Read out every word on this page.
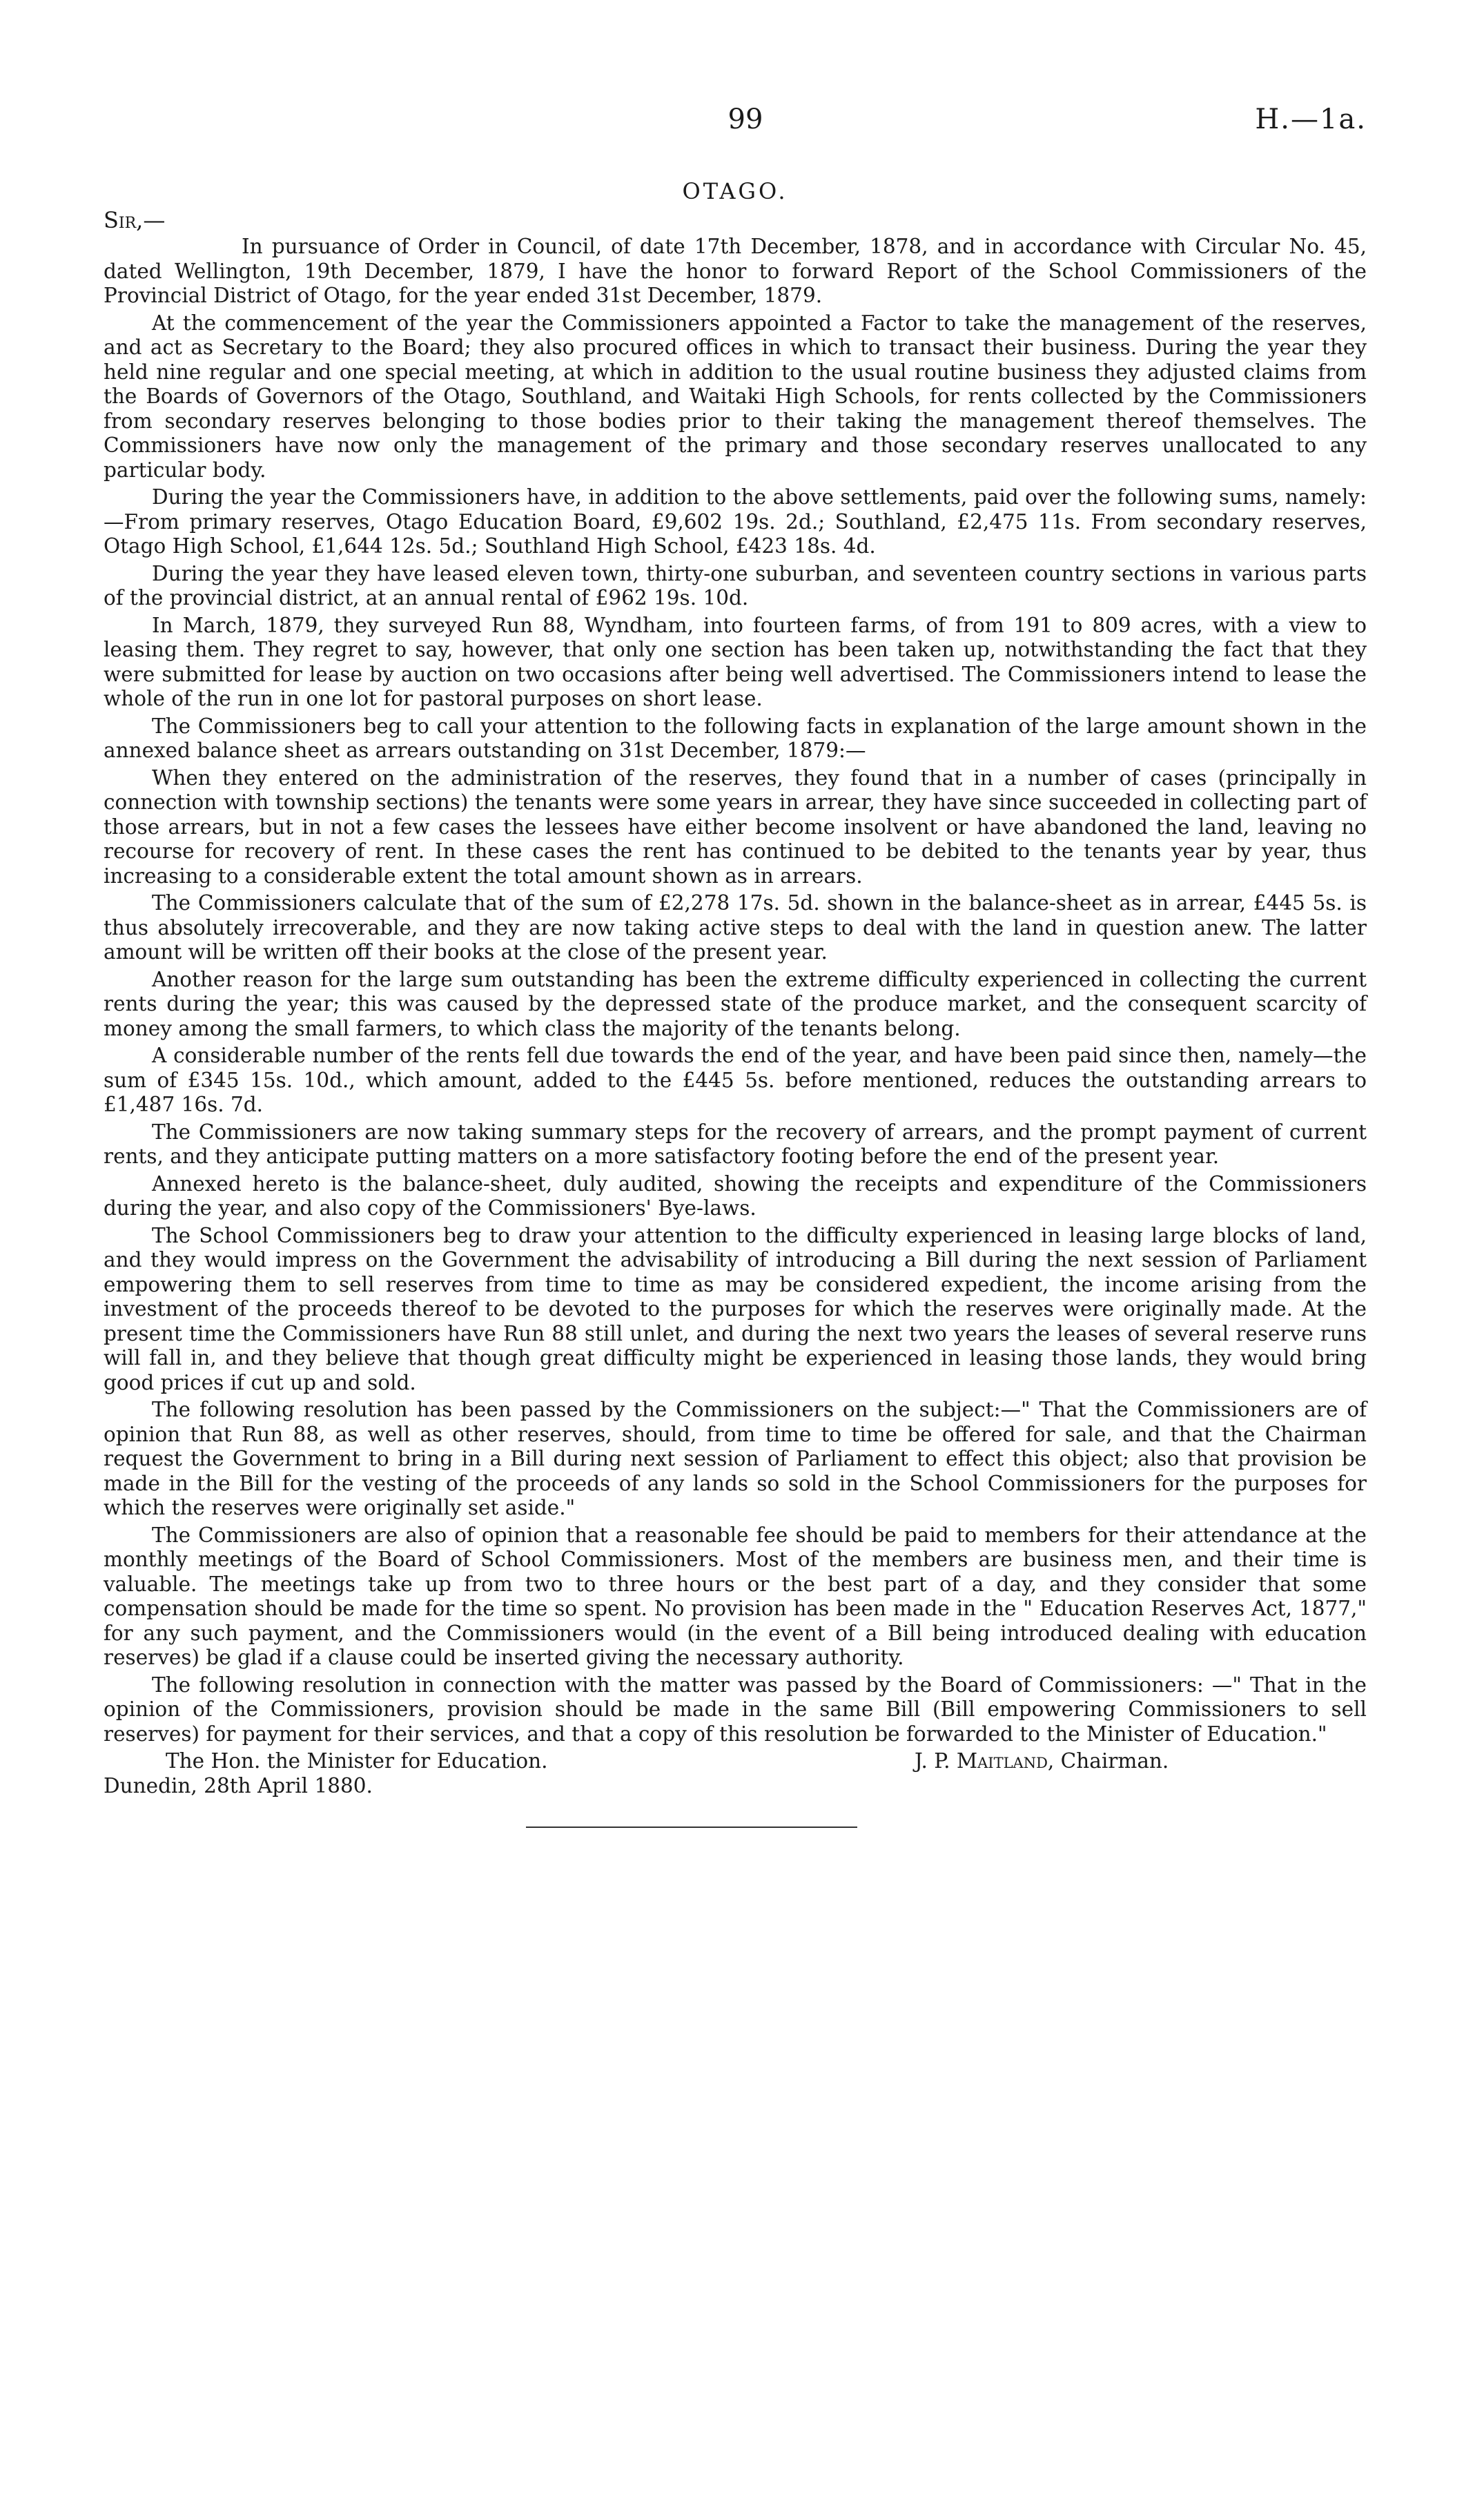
99	H.—1a.
OTAGO.
Sir,—

In pursuance of Order in Council, of date 17th December, 1878, and in accordance with Circular No. 45, dated Wellington, 19th December, 1879, I have the honor to forward Report of the School Commissioners of the Provincial District of Otago, for the year ended 31st December, 1879.

At the commencement of the year the Commissioners appointed a Factor to take the management of the reserves, and act as Secretary to the Board; they also procured offices in which to transact their business. During the year they held nine regular and one special meeting, at which in addition to the usual routine business they adjusted claims from the Boards of Governors of the Otago, Southland, and Waitaki High Schools, for rents collected by the Commissioners from secondary reserves belonging to those bodies prior to their taking the management thereof themselves. The Commissioners have now only the management of the primary and those secondary reserves unallocated to any particular body.

During the year the Commissioners have, in addition to the above settlements, paid over the following sums, namely:—From primary reserves, Otago Education Board, £9,602 19s. 2d.; Southland, £2,475 11s. From secondary reserves, Otago High School, £1,644 12s. 5d.; Southland High School, £423 18s. 4d.

During the year they have leased eleven town, thirty-one suburban, and seventeen country sections in various parts of the provincial district, at an annual rental of £962 19s. 10d.

In March, 1879, they surveyed Run 88, Wyndham, into fourteen farms, of from 191 to 809 acres, with a view to leasing them. They regret to say, however, that only one section has been taken up, notwithstanding the fact that they were submitted for lease by auction on two occasions after being well advertised. The Commissioners intend to lease the whole of the run in one lot for pastoral purposes on short lease.

The Commissioners beg to call your attention to the following facts in explanation of the large amount shown in the annexed balance sheet as arrears outstanding on 31st December, 1879:—

When they entered on the administration of the reserves, they found that in a number of cases (principally in connection with township sections) the tenants were some years in arrear, they have since succeeded in collecting part of those arrears, but in not a few cases the lessees have either become insolvent or have abandoned the land, leaving no recourse for recovery of rent. In these cases the rent has continued to be debited to the tenants year by year, thus increasing to a considerable extent the total amount shown as in arrears.

The Commissioners calculate that of the sum of £2,278 17s. 5d. shown in the balance-sheet as in arrear, £445 5s. is thus absolutely irrecoverable, and they are now taking active steps to deal with the land in question anew. The latter amount will be written off their books at the close of the present year.

Another reason for the large sum outstanding has been the extreme difficulty experienced in collecting the current rents during the year; this was caused by the depressed state of the produce market, and the consequent scarcity of money among the small farmers, to which class the majority of the tenants belong.

A considerable number of the rents fell due towards the end of the year, and have been paid since then, namely—the sum of £345 15s. 10d., which amount, added to the £445 5s. before mentioned, reduces the outstanding arrears to £1,487 16s. 7d.

The Commissioners are now taking summary steps for the recovery of arrears, and the prompt payment of current rents, and they anticipate putting matters on a more satisfactory footing before the end of the present year.

Annexed hereto is the balance-sheet, duly audited, showing the receipts and expenditure of the Commissioners during the year, and also copy of the Commissioners' Bye-laws.

The School Commissioners beg to draw your attention to the difficulty experienced in leasing large blocks of land, and they would impress on the Government the advisability of introducing a Bill during the next session of Parliament empowering them to sell reserves from time to time as may be considered expedient, the income arising from the investment of the proceeds thereof to be devoted to the purposes for which the reserves were originally made. At the present time the Commissioners have Run 88 still unlet, and during the next two years the leases of several reserve runs will fall in, and they believe that though great difficulty might be experienced in leasing those lands, they would bring good prices if cut up and sold.

The following resolution has been passed by the Commissioners on the subject:—" That the Commissioners are of opinion that Run 88, as well as other reserves, should, from time to time be offered for sale, and that the Chairman request the Government to bring in a Bill during next session of Parliament to effect this object; also that provision be made in the Bill for the vesting of the proceeds of any lands so sold in the School Commissioners for the purposes for which the reserves were originally set aside."

The Commissioners are also of opinion that a reasonable fee should be paid to members for their attendance at the monthly meetings of the Board of School Commissioners. Most of the members are business men, and their time is valuable. The meetings take up from two to three hours or the best part of a day, and they consider that some compensation should be made for the time so spent. No provision has been made in the " Education Reserves Act, 1877," for any such payment, and the Commissioners would (in the event of a Bill being introduced dealing with education reserves) be glad if a clause could be inserted giving the necessary authority.

The following resolution in connection with the matter was passed by the Board of Commissioners: —" That in the opinion of the Commissioners, provision should be made in the same Bill (Bill empowering Commissioners to sell reserves) for payment for their services, and that a copy of this resolution be forwarded to the Minister of Education."

The Hon. the Minister for Education.	J. P. Maitland, Chairman.
Dunedin, 28th April 1880.
